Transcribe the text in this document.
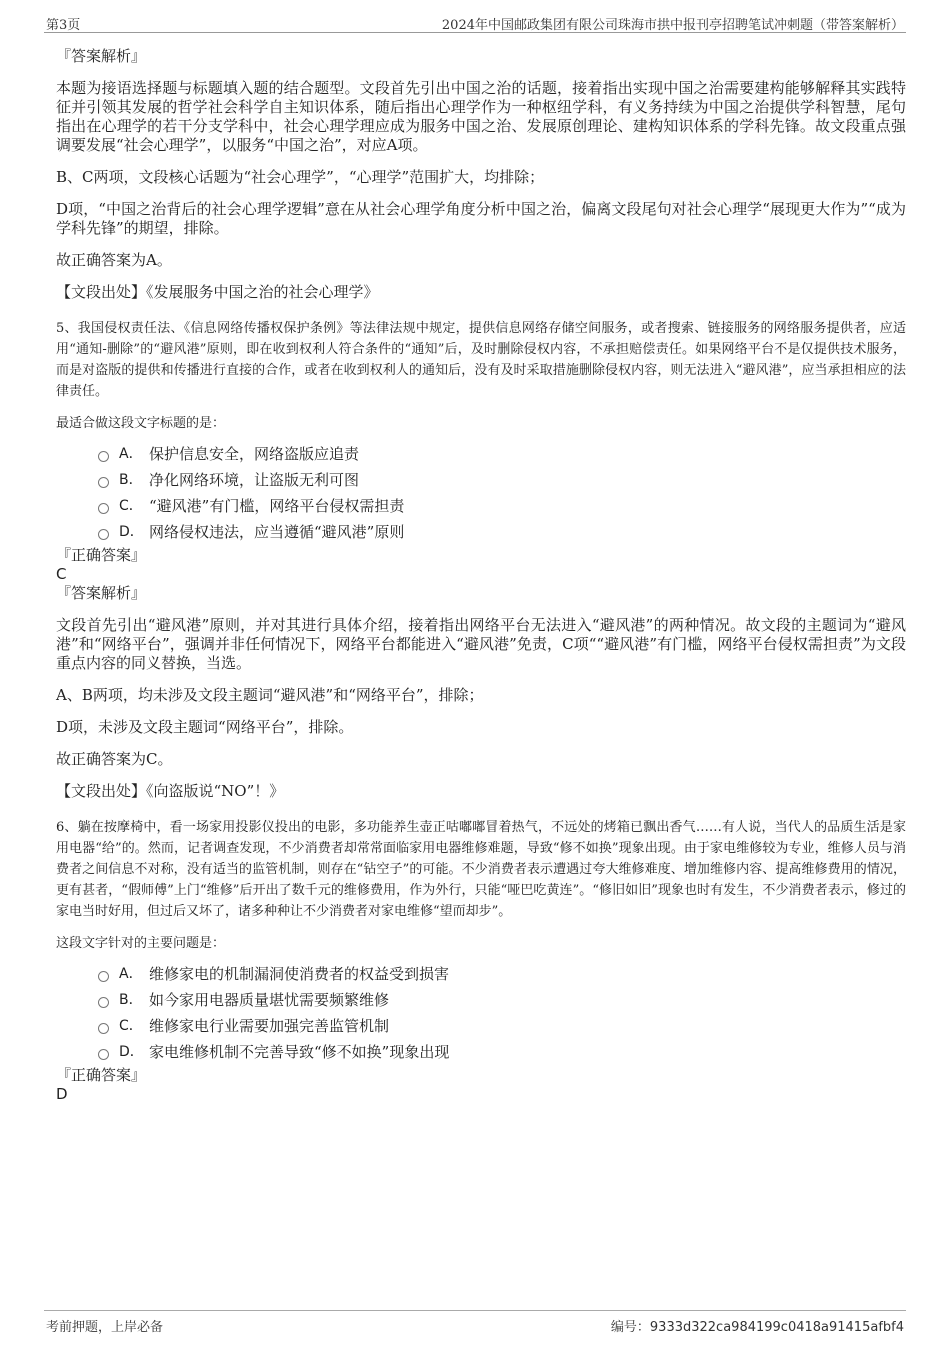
第3页	2024年中国邮政集团有限公司珠海市拱中报刊亭招聘笔试冲刺题（带答案解析）

『答案解析』

本题为接语选择题与标题填入题的结合题型。文段首先引出中国之治的话题，接着指出实现中国之治需要建构能够解释其实践特征并引领其发展的哲学社会科学自主知识体系，随后指出心理学作为一种枢纽学科，有义务持续为中国之治提供学科智慧，尾句指出在心理学的若干分支学科中，社会心理学理应成为服务中国之治、发展原创理论、建构知识体系的学科先锋。故文段重点强调要发展“社会心理学”，以服务“中国之治”，对应A项。

B、C两项，文段核心话题为“社会心理学”，“心理学”范围扩大，均排除；

D项，“中国之治背后的社会心理学逻辑”意在从社会心理学角度分析中国之治，偏离文段尾句对社会心理学“展现更大作为”“成为学科先锋”的期望，排除。

故正确答案为A。

【文段出处】《发展服务中国之治的社会心理学》

5、我国侵权责任法、《信息网络传播权保护条例》等法律法规中规定，提供信息网络存储空间服务，或者搜索、链接服务的网络服务提供者，应适用“通知-删除”的“避风港”原则，即在收到权利人符合条件的“通知”后，及时删除侵权内容，不承担赔偿责任。如果网络平台不是仅提供技术服务，而是对盗版的提供和传播进行直接的合作，或者在收到权利人的通知后，没有及时采取措施删除侵权内容，则无法进入“避风港”，应当承担相应的法律责任。

最适合做这段文字标题的是：

A． 保护信息安全，网络盗版应追责
B． 净化网络环境，让盗版无利可图
C． “避风港”有门槛，网络平台侵权需担责
D． 网络侵权违法，应当遵循“避风港”原则

『正确答案』

C

『答案解析』

文段首先引出“避风港”原则，并对其进行具体介绍，接着指出网络平台无法进入“避风港”的两种情况。故文段的主题词为“避风港”和“网络平台”，强调并非任何情况下，网络平台都能进入“避风港”免责，C项““避风港”有门槛，网络平台侵权需担责”为文段重点内容的同义替换，当选。

A、B两项，均未涉及文段主题词“避风港”和“网络平台”，排除；

D项，未涉及文段主题词“网络平台”，排除。

故正确答案为C。

【文段出处】《向盗版说“NO”！》

6、躺在按摩椅中，看一场家用投影仪投出的电影，多功能养生壶正咕嘟嘟冒着热气，不远处的烤箱已飘出香气……有人说，当代人的品质生活是家用电器“给”的。然而，记者调查发现，不少消费者却常常面临家用电器维修难题，导致“修不如换”现象出现。由于家电维修较为专业，维修人员与消费者之间信息不对称，没有适当的监管机制，则存在“钻空子”的可能。不少消费者表示遭遇过夸大维修难度、增加维修内容、提高维修费用的情况，更有甚者，“假师傅”上门“维修”后开出了数千元的维修费用，作为外行，只能“哑巴吃黄连”。“修旧如旧”现象也时有发生，不少消费者表示，修过的家电当时好用，但过后又坏了，诸多种种让不少消费者对家电维修“望而却步”。

这段文字针对的主要问题是：

A． 维修家电的机制漏洞使消费者的权益受到损害
B． 如今家用电器质量堪忧需要频繁维修
C． 维修家电行业需要加强完善监管机制
D． 家电维修机制不完善导致“修不如换”现象出现

『正确答案』

D

考前押题，上岸必备	编号：9333d322ca984199c0418a91415afbf4
